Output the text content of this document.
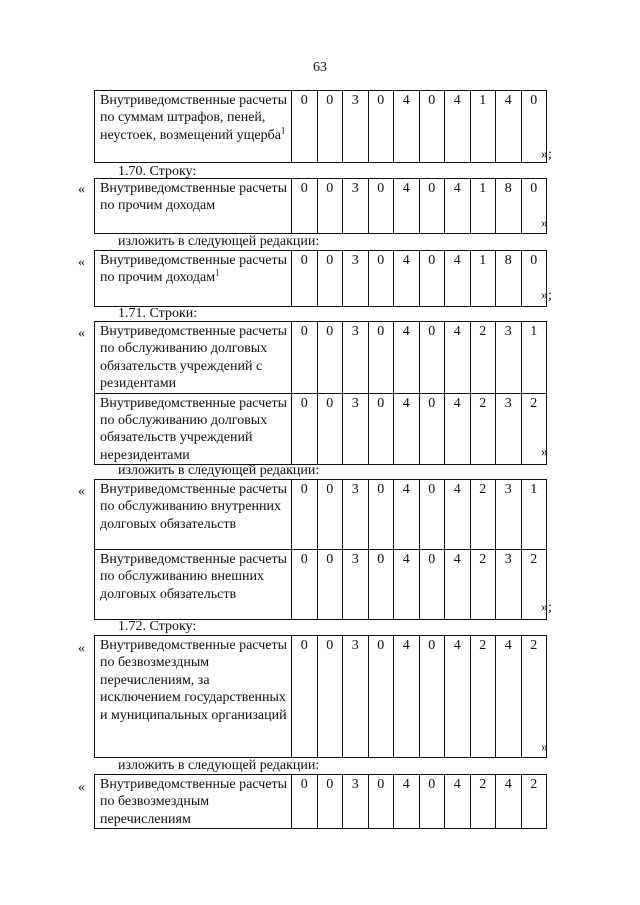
63
»;
Внутриведомственные расчеты по суммам штрафов, пеней, неустоек, возмещений ущерба$^1$	0	0	3	0	4	0	4	1	4	0
1.70. Строку:
«
»
Внутриведомственные расчеты по прочим доходам	0	0	3	0	4	0	4	1	8	0
изложить в следующей редакции:
«
»;
Внутриведомственные расчеты по прочим доходам$^1$	0	0	3	0	4	0	4	1	8	0
1.71. Строки:
«
»
Внутриведомственные расчеты по обслуживанию долговых обязательств учреждений с резидентами	0	0	3	0	4	0	4	2	3	1
Внутриведомственные расчеты по обслуживанию долговых обязательств учреждений нерезидентами	0	0	3	0	4	0	4	2	3	2
изложить в следующей редакции:
«
»;
Внутриведомственные расчеты по обслуживанию внутренних долговых обязательств	0	0	3	0	4	0	4	2	3	1
Внутриведомственные расчеты по обслуживанию внешних долговых обязательств	0	0	3	0	4	0	4	2	3	2
1.72. Строку:
«
»
Внутриведомственные расчеты по безвозмездным перечислениям, за исключением государственных и муниципальных организаций	0	0	3	0	4	0	4	2	4	2
изложить в следующей редакции:
« Внутриведомственные расчеты по безвозмездным перечислениям	0	0	3	0	4	0	4	2	4	2
